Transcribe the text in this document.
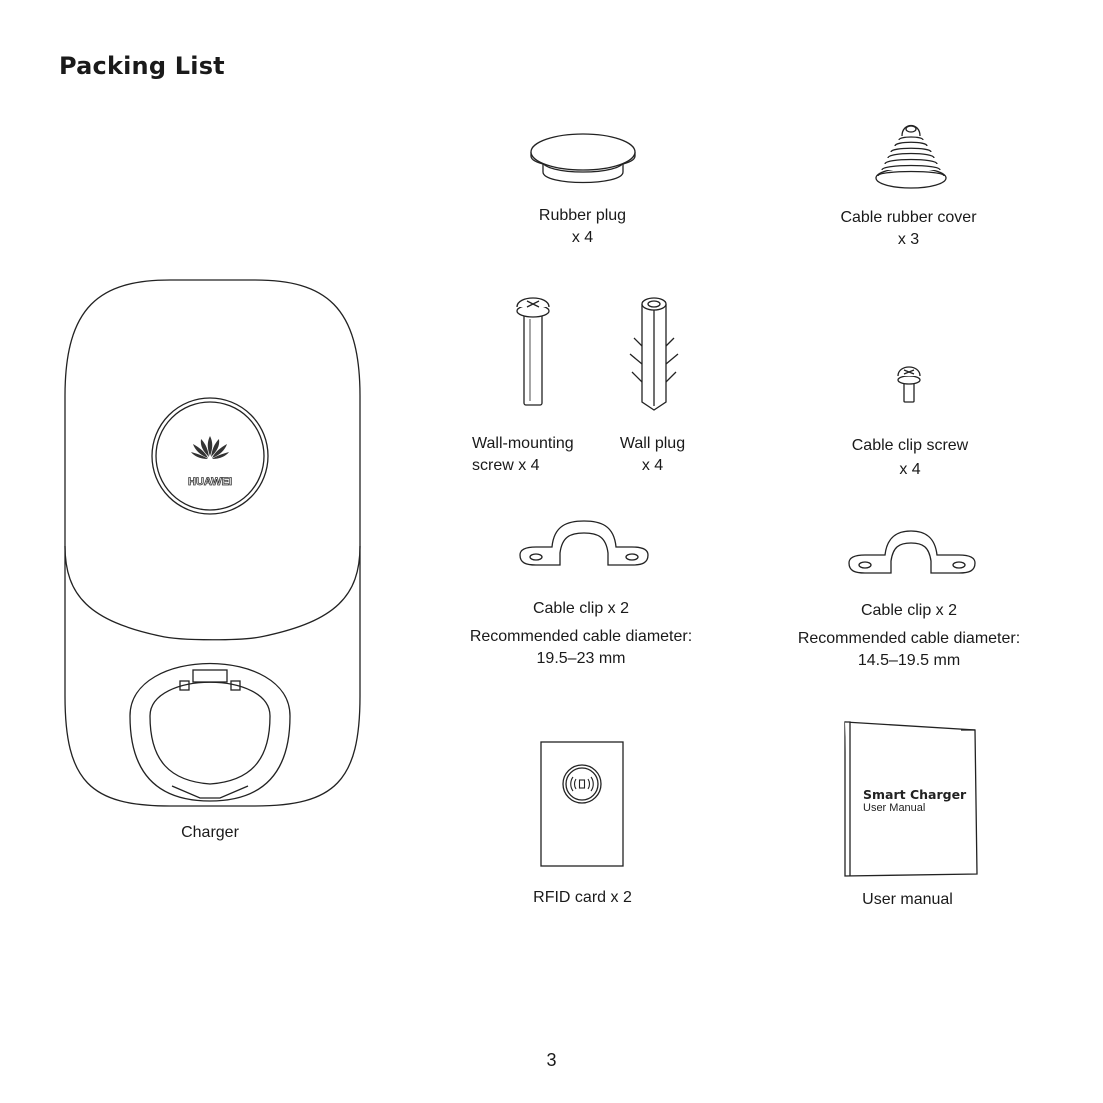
Packing List
HUAWEI
Charger
Rubber plug
x 4
Cable rubber cover
x 3
Wall-mounting
screw x 4
Wall plug
x 4
Cable clip screw
x 4
Cable clip x 2
Recommended cable diameter:
19.5–23 mm
Cable clip x 2
Recommended cable diameter:
14.5–19.5 mm
RFID card x 2
Smart Charger
User Manual
User manual
3
